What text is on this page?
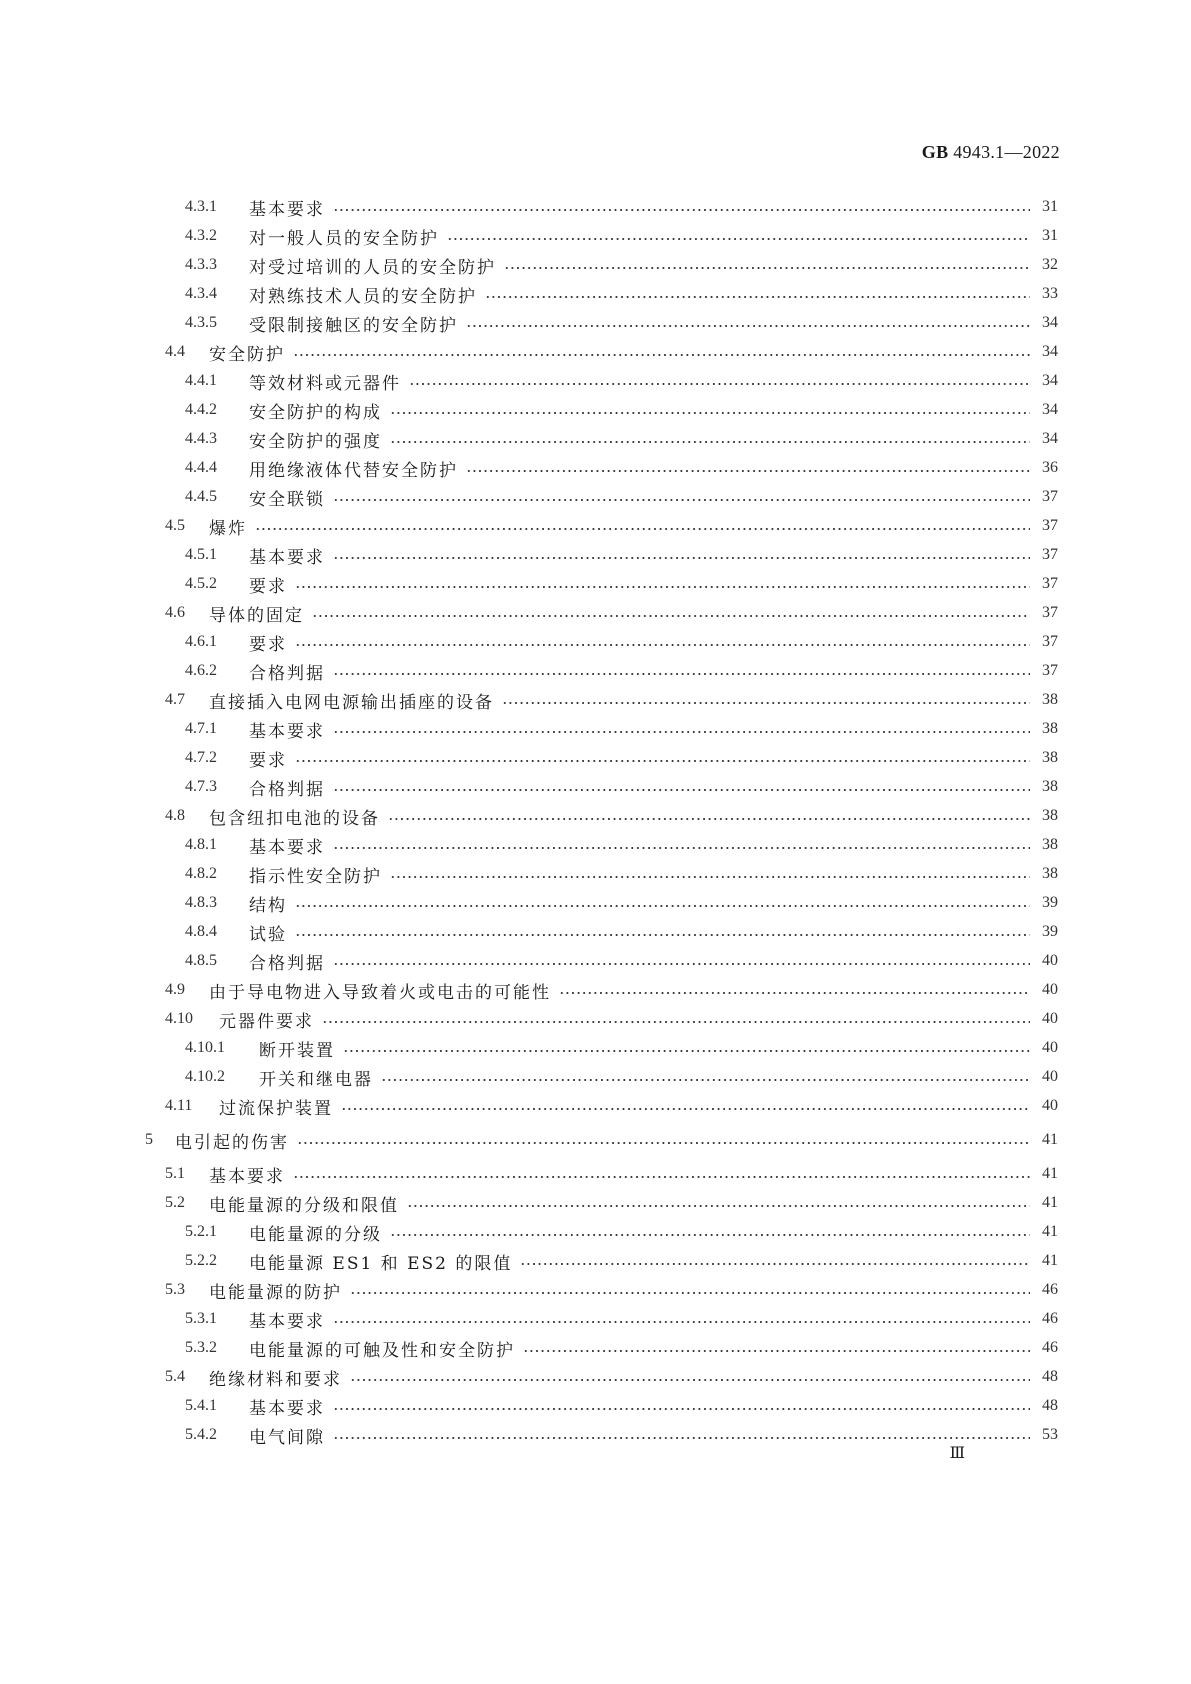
GB 4943.1—2022
4.3.1	基本要求	31
4.3.2	对一般人员的安全防护	31
4.3.3	对受过培训的人员的安全防护	32
4.3.4	对熟练技术人员的安全防护	33
4.3.5	受限制接触区的安全防护	34
4.4	安全防护	34
4.4.1	等效材料或元器件	34
4.4.2	安全防护的构成	34
4.4.3	安全防护的强度	34
4.4.4	用绝缘液体代替安全防护	36
4.4.5	安全联锁	37
4.5	爆炸	37
4.5.1	基本要求	37
4.5.2	要求	37
4.6	导体的固定	37
4.6.1	要求	37
4.6.2	合格判据	37
4.7	直接插入电网电源输出插座的设备	38
4.7.1	基本要求	38
4.7.2	要求	38
4.7.3	合格判据	38
4.8	包含纽扣电池的设备	38
4.8.1	基本要求	38
4.8.2	指示性安全防护	38
4.8.3	结构	39
4.8.4	试验	39
4.8.5	合格判据	40
4.9	由于导电物进入导致着火或电击的可能性	40
4.10	元器件要求	40
4.10.1	断开装置	40
4.10.2	开关和继电器	40
4.11	过流保护装置	40
5	电引起的伤害	41
5.1	基本要求	41
5.2	电能量源的分级和限值	41
5.2.1	电能量源的分级	41
5.2.2	电能量源 ES1 和 ES2 的限值	41
5.3	电能量源的防护	46
5.3.1	基本要求	46
5.3.2	电能量源的可触及性和安全防护	46
5.4	绝缘材料和要求	48
5.4.1	基本要求	48
5.4.2	电气间隙	53
Ⅲ
